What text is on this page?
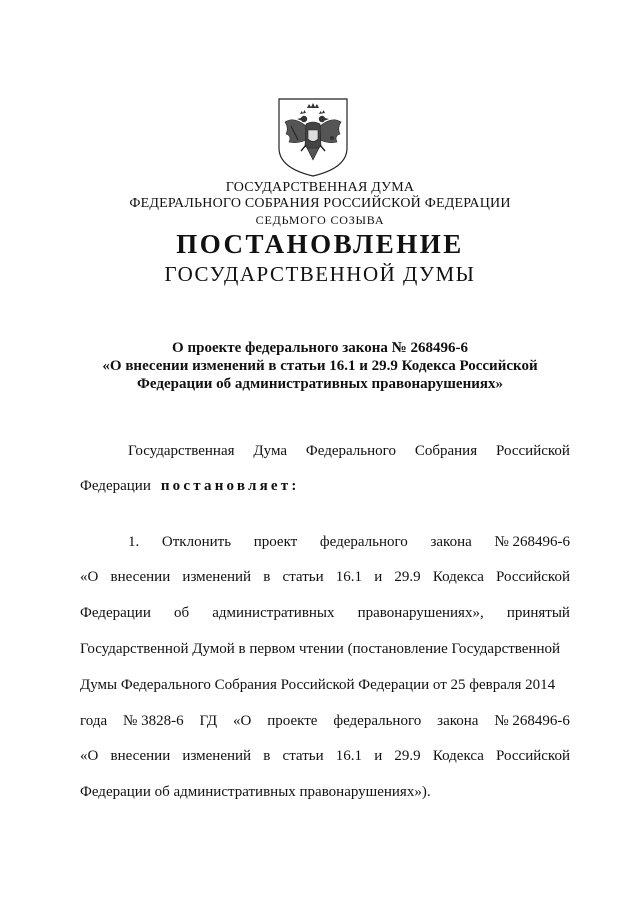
ГОСУДАРСТВЕННАЯ ДУМА
ФЕДЕРАЛЬНОГО СОБРАНИЯ РОССИЙСКОЙ ФЕДЕРАЦИИ
СЕДЬМОГО СОЗЫВА
ПОСТАНОВЛЕНИЕ
ГОСУДАРСТВЕННОЙ ДУМЫ
О проекте федерального закона № 268496-6
«О внесении изменений в статьи 16.1 и 29.9 Кодекса Российской
Федерации об административных правонарушениях»
Государственная Дума Федерального Собрания Российской
Федерации постановляет:
1. Отклонить проект федерального закона № 268496-6
«О внесении изменений в статьи 16.1 и 29.9 Кодекса Российской
Федерации об административных правонарушениях», принятый
Государственной Думой в первом чтении (постановление Государственной
Думы Федерального Собрания Российской Федерации от 25 февраля 2014
года № 3828-6 ГД «О проекте федерального закона № 268496-6
«О внесении изменений в статьи 16.1 и 29.9 Кодекса Российской
Федерации об административных правонарушениях»).
